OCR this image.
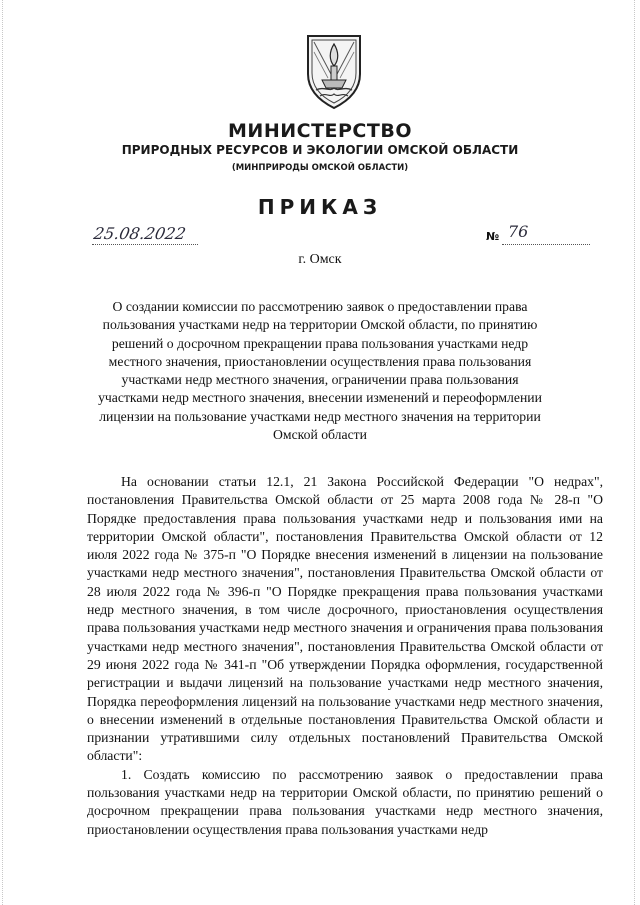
МИНИСТЕРСТВО
ПРИРОДНЫХ РЕСУРСОВ И ЭКОЛОГИИ ОМСКОЙ ОБЛАСТИ
(МИНПРИРОДЫ ОМСКОЙ ОБЛАСТИ)
ПРИКАЗ
25.08.2022	№ 76
г. Омск
О создании комиссии по рассмотрению заявок о предоставлении права пользования участками недр на территории Омской области, по принятию решений о досрочном прекращении права пользования участками недр местного значения, приостановлении осуществления права пользования участками недр местного значения, ограничении права пользования участками недр местного значения, внесении изменений и переоформлении лицензии на пользование участками недр местного значения на территории Омской области

На основании статьи 12.1, 21 Закона Российской Федерации "О недрах", постановления Правительства Омской области от 25 марта 2008 года № 28-п "О Порядке предоставления права пользования участками недр и пользования ими на территории Омской области", постановления Правительства Омской области от 12 июля 2022 года № 375-п "О Порядке внесения изменений в лицензии на пользование участками недр местного значения", постановления Правительства Омской области от 28 июля 2022 года № 396-п "О Порядке прекращения права пользования участками недр местного значения, в том числе досрочного, приостановления осуществления права пользования участками недр местного значения и ограничения права пользования участками недр местного значения", постановления Правительства Омской области от 29 июня 2022 года № 341-п "Об утверждении Порядка оформления, государственной регистрации и выдачи лицензий на пользование участками недр местного значения, Порядка переоформления лицензий на пользование участками недр местного значения, о внесении изменений в отдельные постановления Правительства Омской области и признании утратившими силу отдельных постановлений Правительства Омской области":

1. Создать комиссию по рассмотрению заявок о предоставлении права пользования участками недр на территории Омской области, по принятию решений о досрочном прекращении права пользования участками недр местного значения, приостановлении осуществления права пользования участками недр
